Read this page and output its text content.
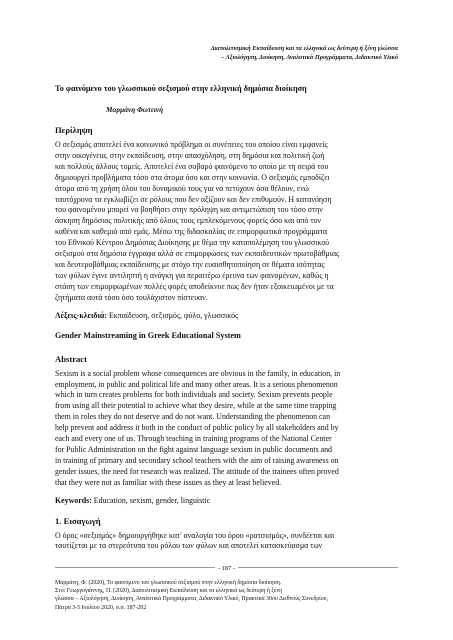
Διαπολιτισμική Εκπαίδευση και τα ελληνικά ως δεύτερη ή ξένη γλώσσα
– Αξιολόγηση, Διοίκηση, Αναλυτικά Προγράμματα, Διδακτικό Υλικό
Το φαινόμενο του γλωσσικού σεξισμού στην ελληνική δημόσια διοίκηση
Μαρμάνη Φωτεινή
Περίληψη

Ο σεξισμός αποτελεί ένα κοινωνικό πρόβλημα οι συνέπειες του οποίου είναι εμφανείς
στην οικογένεια, στην εκπαίδευση, στην απασχόληση, στη δημόσια και πολιτική ζωή
και πολλούς άλλους τομείς. Αποτελεί ένα σοβαρό φαινόμενο το οποίο με τη σειρά του
δημιουργεί προβλήματα τόσο στα άτομα όσο και στην κοινωνία. Ο σεξισμός εμποδίζει
άτομα από τη χρήση όλου του δυναμικού τους για να πετύχουν όσα θέλουν, ενώ
ταυτόχρονα τα εγκλωβίζει σε ρόλους που δεν αξίζουν και δεν επιθυμούν. Η κατανόηση
του φαινομένου μπορεί να βοηθήσει στην πρόληψη και αντιμετώπιση του τόσο στην
άσκηση δημόσιας πολιτικής από όλους τους εμπλεκόμενους φορείς όσο και από τον
καθένα και καθεμιά από εμάς. Μέσω της διδασκαλίας σε επιμορφωτικά προγράμματα
του Εθνικού Κέντρου Δημόσιας Διοίκησης με θέμα την καταπολέμηση του γλωσσικού
σεξισμού στα δημόσια έγγραφα αλλά σε επιμορφώσεις των εκπαιδευτικών πρωτοβάθμιας
και δευτεροβάθμιας εκπαίδευσης με στόχο την ευαισθητοποίηση σε θέματα ισότητας
των φύλων έγινε αντιληπτή η ανάγκη για περαιτέρω έρευνα των φαινομένων, καθώς η
στάση των επιμορφωμένων πολλές φορές αποδείκνυε πως δεν ήταν εξοικειωμένοι με τα
ζητήματα αυτά τόσο όσο τουλάχιστον πίστευαν.

Λέξεις-κλειδιά: Εκπαίδευση, σεξισμός, φύλο, γλωσσικός
Gender Mainstreaming in Greek Educational System
Abstract

Sexism is a social problem whose consequences are obvious in the family, in education, in
employment, in public and political life and many other areas. It is a serious phenomenon
which in turn creates problems for both individuals and society. Sexism prevents people
from using all their potential to achieve what they desire, while at the same time trapping
them in roles they do not deserve and do not want. Understanding the phenomenon can
help prevent and address it both in the conduct of public policy by all stakeholders and by
each and every one of us. Through teaching in training programs of the National Center
for Public Administration on the fight against language sexism in public documents and
in training of primary and secondary school teachers with the aim of raising awareness on
gender issues, the need for research was realized. The attitude of the trainees often proved
that they were not as familiar with these issues as they at least believed.

Keywords: Education, sexism, gender, linguistic
1. Εισαγωγή

Ο όρος «σεξισμός» δημιουργήθηκε κατ' αναλογία του όρου «ρατσισμός», συνδέεται και
ταυτίζεται με τα στερεότυπα του ρόλου των φύλων και αποτελεί κατασκεύασμα των

- 187 -
Μαρμάνη, Φ. (2020), Το φαινόμενο του γλωσσικού σεξισμού στην ελληνική δημόσια διοίκηση.
Στο: Γεωργογιάννης, Π. (2020), Διαπολιτισμική Εκπαίδευση και τα ελληνικά ως δεύτερη ή ξένη
γλώσσα – Αξιολόγηση, Διοίκηση, Αναλυτικά Προγράμματα, Διδακτικό Υλικό, Πρακτικά 30ου Διεθνούς Συνεδρίου,
Πάτρα 3-5 Ιουλίου 2020, σ.σ. 187-202
